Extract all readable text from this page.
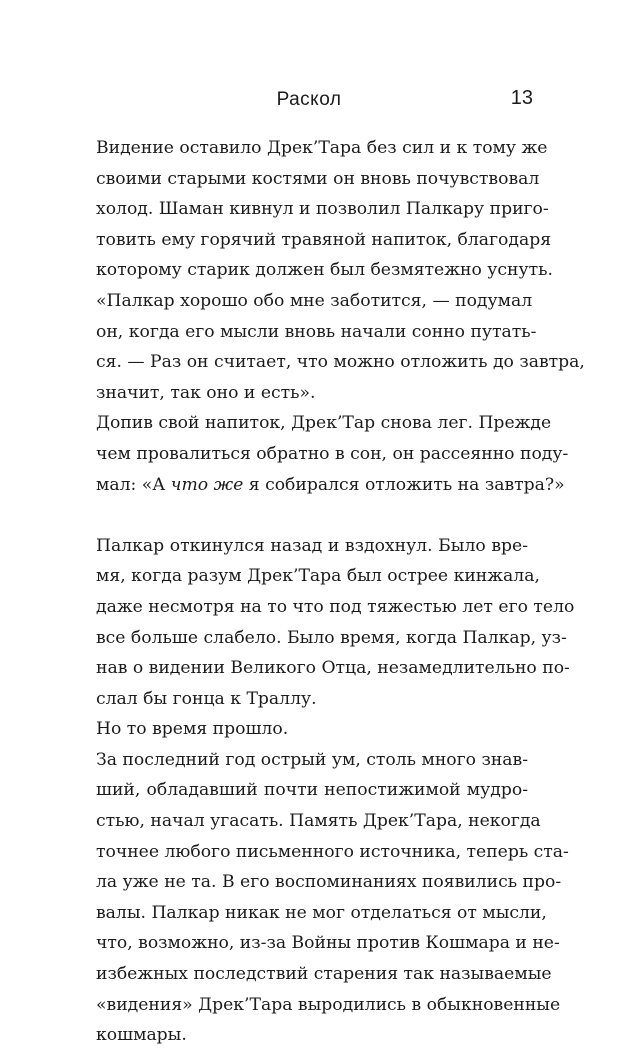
Раскол	13

Видение оставило Дрек’Тара без сил и к тому же
своими старыми костями он вновь почувствовал
холод. Шаман кивнул и позволил Палкару приго-
товить ему горячий травяной напиток, благодаря
которому старик должен был безмятежно уснуть.

«Палкар хорошо обо мне заботится, — подумал
он, когда его мысли вновь начали сонно путать-
ся. — Раз он считает, что можно отложить до завтра,
значит, так оно и есть».

Допив свой напиток, Дрек’Тар снова лег. Прежде
чем провалиться обратно в сон, он рассеянно поду-
мал: «А что же я собирался отложить на завтра?»

Палкар откинулся назад и вздохнул. Было вре-
мя, когда разум Дрек’Тара был острее кинжала,
даже несмотря на то что под тяжестью лет его тело
все больше слабело. Было время, когда Палкар, уз-
нав о видении Великого Отца, незамедлительно по-
слал бы гонца к Траллу.

Но то время прошло.

За последний год острый ум, столь много знав-
ший, обладавший почти непостижимой мудро-
стью, начал угасать. Память Дрек’Тара, некогда
точнее любого письменного источника, теперь ста-
ла уже не та. В его воспоминаниях появились про-
валы. Палкар никак не мог отделаться от мысли,
что, возможно, из-за Войны против Кошмара и не-
избежных последствий старения так называемые
«видения» Дрек’Тара выродились в обыкновенные
кошмары.
